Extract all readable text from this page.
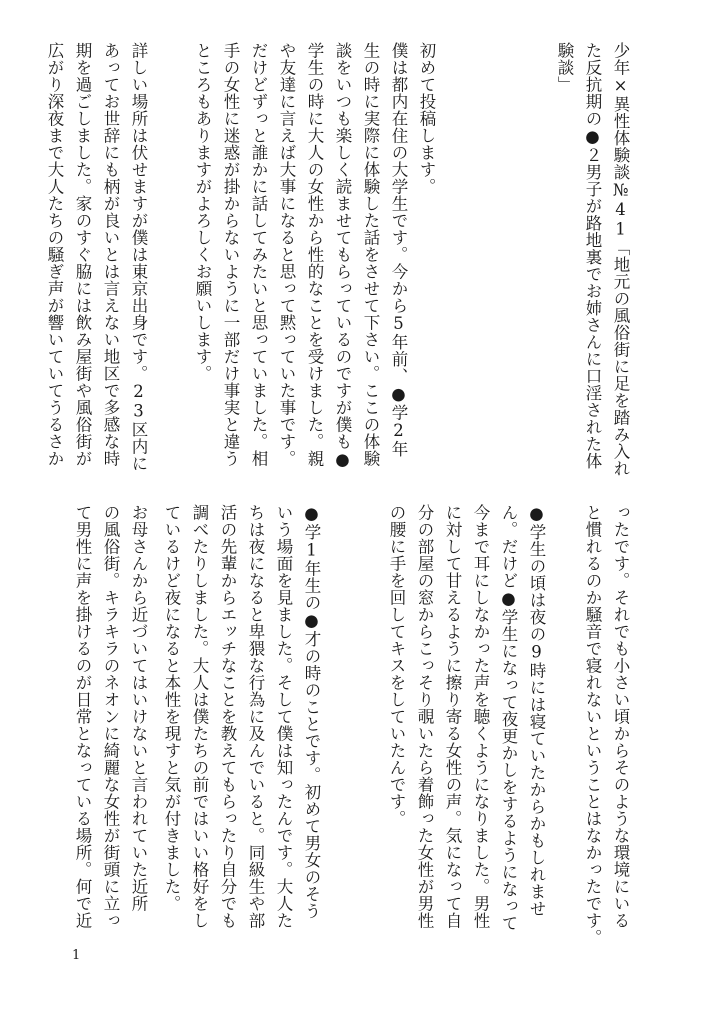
少年×異性体験談№41「地元の風俗街に足を踏み入れ
た反抗期の●２男子が路地裏でお姉さんに口淫された体
験談」

初めて投稿します。
僕は都内在住の大学生です。今から5年前、●学2年
生の時に実際に体験した話をさせて下さい。ここの体験
談をいつも楽しく読ませてもらっているのですが僕も●
学生の時に大人の女性から性的なことを受けました。親
や友達に言えば大事になると思って黙っていた事です。
だけどずっと誰かに話してみたいと思っていました。相
手の女性に迷惑が掛からないように一部だけ事実と違う
ところもありますがよろしくお願いします。

詳しい場所は伏せますが僕は東京出身です。23区内に
あってお世辞にも柄が良いとは言えない地区で多感な時
期を過ごしました。家のすぐ脇には飲み屋街や風俗街が
広がり深夜まで大人たちの騒ぎ声が響いていてうるさか
ったです。それでも小さい頃からそのような環境にいる
と慣れるのか騒音で寝れないということはなかったです。

●学生の頃は夜の9時には寝ていたからかもしれませ
ん。だけど●学生になって夜更かしをするようになって
今まで耳にしなかった声を聴くようになりました。男性
に対して甘えるように擦り寄る女性の声。気になって自
分の部屋の窓からこっそり覗いたら着飾った女性が男性
の腰に手を回してキスをしていたんです。

●学1年生の●才の時のことです。初めて男女のそう
いう場面を見ました。そして僕は知ったんです。大人た
ちは夜になると卑猥な行為に及んでいると。同級生や部
活の先輩からエッチなことを教えてもらったり自分でも
調べたりしました。大人は僕たちの前ではいい格好をし
ているけど夜になると本性を現すと気が付きました。

お母さんから近づいてはいけないと言われていた近所
の風俗街。キラキラのネオンに綺麗な女性が街頭に立っ
て男性に声を掛けるのが日常となっている場所。何で近
1
